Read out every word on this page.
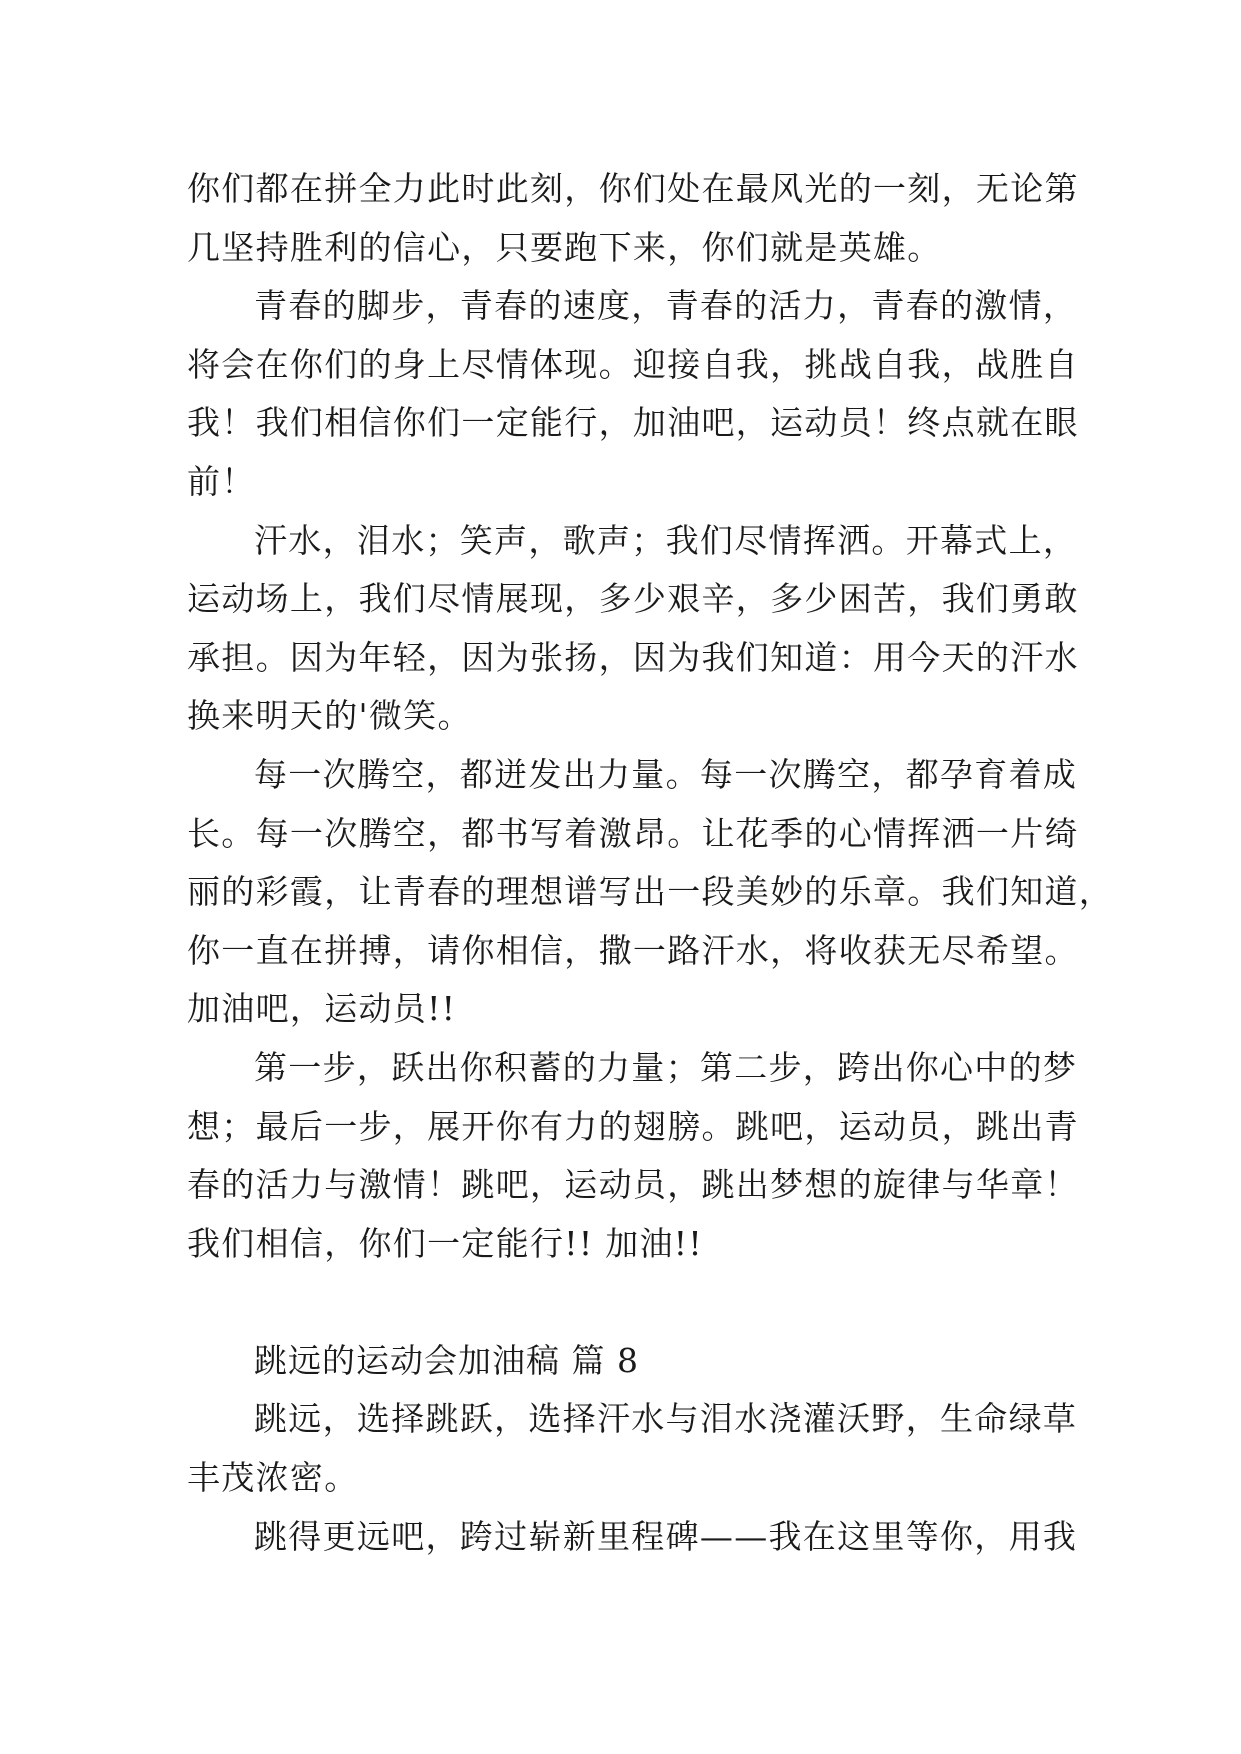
你们都在拼全力此时此刻，你们处在最风光的一刻，无论第
几坚持胜利的信心，只要跑下来，你们就是英雄。
青春的脚步，青春的速度，青春的活力，青春的激情，
将会在你们的身上尽情体现。迎接自我，挑战自我，战胜自
我！我们相信你们一定能行，加油吧，运动员！终点就在眼
前！
汗水，泪水；笑声，歌声；我们尽情挥洒。开幕式上，
运动场上，我们尽情展现，多少艰辛，多少困苦，我们勇敢
承担。因为年轻，因为张扬，因为我们知道：用今天的汗水
换来明天的'微笑。
每一次腾空，都迸发出力量。每一次腾空，都孕育着成
长。每一次腾空，都书写着激昂。让花季的心情挥洒一片绮
丽的彩霞，让青春的理想谱写出一段美妙的乐章。我们知道，
你一直在拼搏，请你相信，撒一路汗水，将收获无尽希望。
加油吧，运动员!!
第一步，跃出你积蓄的力量；第二步，跨出你心中的梦
想；最后一步，展开你有力的翅膀。跳吧，运动员，跳出青
春的活力与激情！跳吧，运动员，跳出梦想的旋律与华章！
我们相信，你们一定能行!! 加油!!
跳远的运动会加油稿 篇 8
跳远，选择跳跃，选择汗水与泪水浇灌沃野，生命绿草
丰茂浓密。
跳得更远吧，跨过崭新里程碑——我在这里等你，用我
